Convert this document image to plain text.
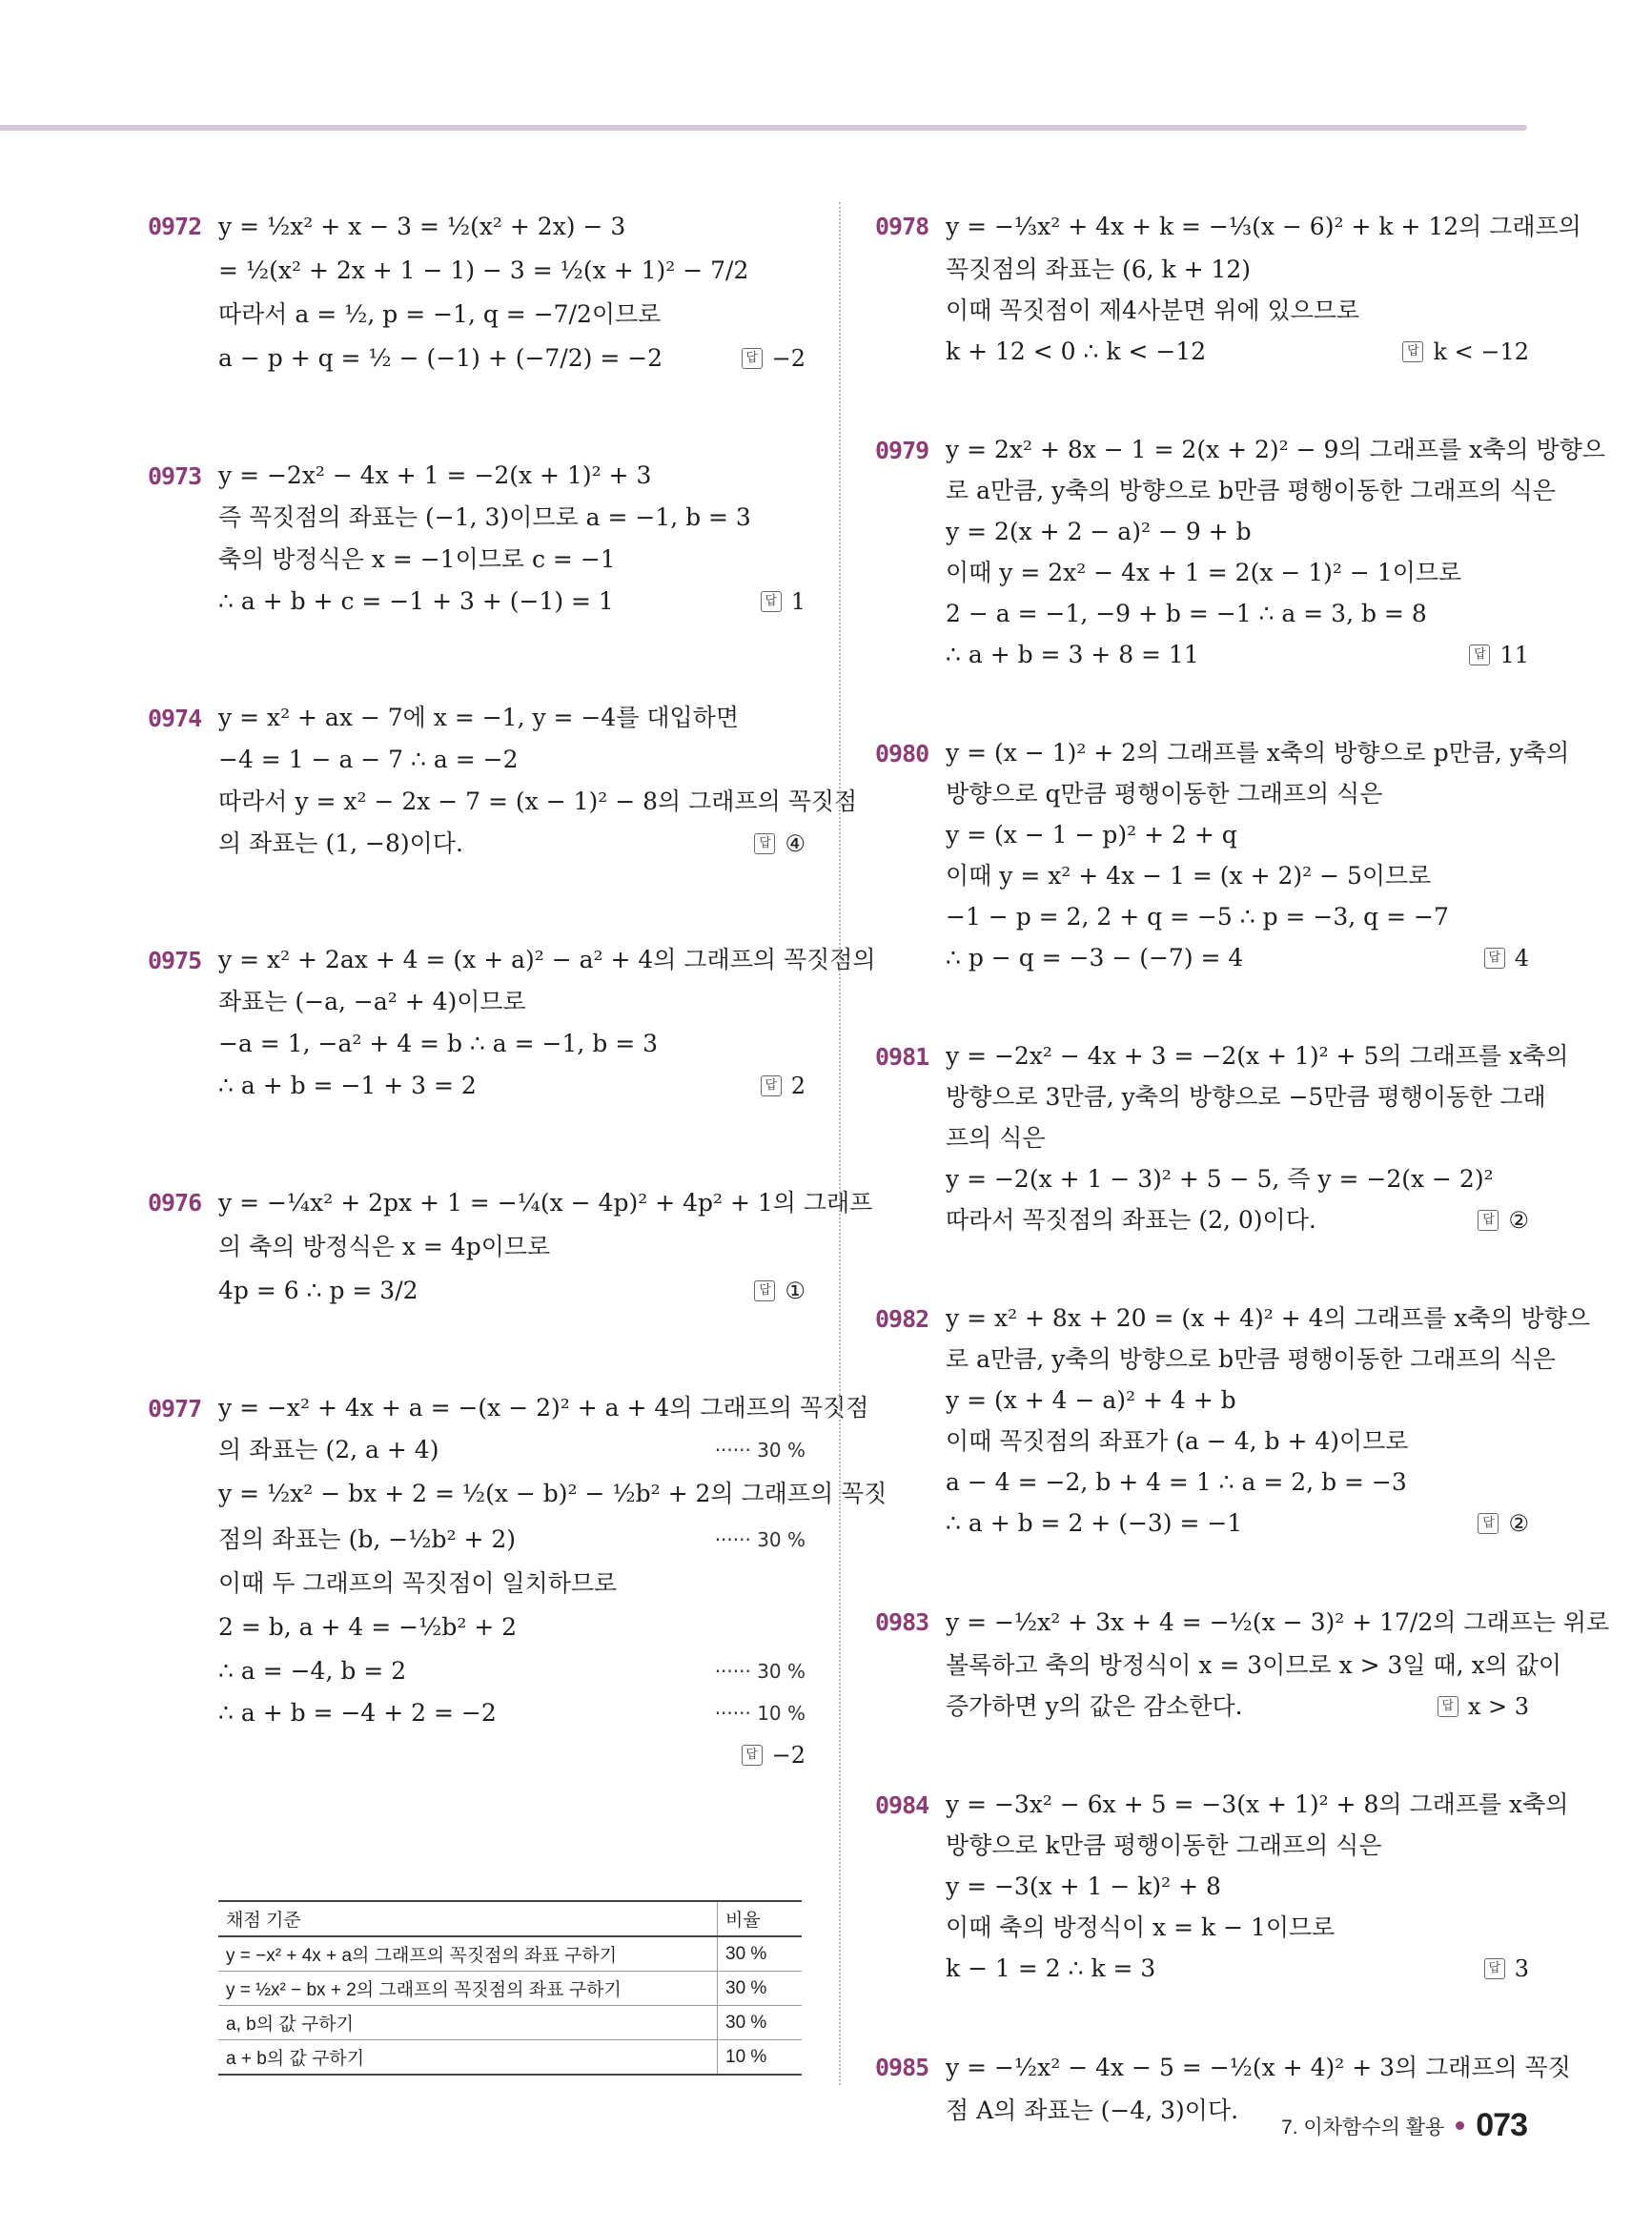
0972 y = ½x² + x − 3 = ½(x² + 2x) − 3
= ½(x² + 2x + 1 − 1) − 3 = ½(x + 1)² − 7/2
따라서 a = ½, p = −1, q = −7/2이므로
a − p + q = ½ − (−1) + (−7/2) = −2	답 −2
0973 y = −2x² − 4x + 1 = −2(x + 1)² + 3
즉 꼭짓점의 좌표는 (−1, 3)이므로 a = −1, b = 3
축의 방정식은 x = −1이므로 c = −1
∴ a + b + c = −1 + 3 + (−1) = 1	답 1
0974 y = x² + ax − 7에 x = −1, y = −4를 대입하면
−4 = 1 − a − 7 ∴ a = −2
따라서 y = x² − 2x − 7 = (x − 1)² − 8의 그래프의 꼭짓점
의 좌표는 (1, −8)이다.	답 ④
0975 y = x² + 2ax + 4 = (x + a)² − a² + 4의 그래프의 꼭짓점의
좌표는 (−a, −a² + 4)이므로
−a = 1, −a² + 4 = b ∴ a = −1, b = 3
∴ a + b = −1 + 3 = 2	답 2
0976 y = −¼x² + 2px + 1 = −¼(x − 4p)² + 4p² + 1의 그래프
의 축의 방정식은 x = 4p이므로
4p = 6 ∴ p = 3/2	답 ①
0977 y = −x² + 4x + a = −(x − 2)² + a + 4의 그래프의 꼭짓점
의 좌표는 (2, a + 4)	······ 30 %
y = ½x² − bx + 2 = ½(x − b)² − ½b² + 2의 그래프의 꼭짓
점의 좌표는 (b, −½b² + 2)	······ 30 %
이때 두 그래프의 꼭짓점이 일치하므로
2 = b, a + 4 = −½b² + 2
∴ a = −4, b = 2	······ 30 %
∴ a + b = −4 + 2 = −2	······ 10 %
답 −2
0978 y = −⅓x² + 4x + k = −⅓(x − 6)² + k + 12의 그래프의
꼭짓점의 좌표는 (6, k + 12)
이때 꼭짓점이 제4사분면 위에 있으므로
k + 12 < 0 ∴ k < −12	답 k < −12
0979 y = 2x² + 8x − 1 = 2(x + 2)² − 9의 그래프를 x축의 방향으
로 a만큼, y축의 방향으로 b만큼 평행이동한 그래프의 식은
y = 2(x + 2 − a)² − 9 + b
이때 y = 2x² − 4x + 1 = 2(x − 1)² − 1이므로
2 − a = −1, −9 + b = −1 ∴ a = 3, b = 8
∴ a + b = 3 + 8 = 11	답 11
0980 y = (x − 1)² + 2의 그래프를 x축의 방향으로 p만큼, y축의
방향으로 q만큼 평행이동한 그래프의 식은
y = (x − 1 − p)² + 2 + q
이때 y = x² + 4x − 1 = (x + 2)² − 5이므로
−1 − p = 2, 2 + q = −5 ∴ p = −3, q = −7
∴ p − q = −3 − (−7) = 4	답 4
0981 y = −2x² − 4x + 3 = −2(x + 1)² + 5의 그래프를 x축의
방향으로 3만큼, y축의 방향으로 −5만큼 평행이동한 그래
프의 식은
y = −2(x + 1 − 3)² + 5 − 5, 즉 y = −2(x − 2)²
따라서 꼭짓점의 좌표는 (2, 0)이다.	답 ②
0982 y = x² + 8x + 20 = (x + 4)² + 4의 그래프를 x축의 방향으
로 a만큼, y축의 방향으로 b만큼 평행이동한 그래프의 식은
y = (x + 4 − a)² + 4 + b
이때 꼭짓점의 좌표가 (a − 4, b + 4)이므로
a − 4 = −2, b + 4 = 1 ∴ a = 2, b = −3
∴ a + b = 2 + (−3) = −1	답 ②
0983 y = −½x² + 3x + 4 = −½(x − 3)² + 17/2의 그래프는 위로
볼록하고 축의 방정식이 x = 3이므로 x > 3일 때, x의 값이
증가하면 y의 값은 감소한다.	답 x > 3
0984 y = −3x² − 6x + 5 = −3(x + 1)² + 8의 그래프를 x축의
방향으로 k만큼 평행이동한 그래프의 식은
y = −3(x + 1 − k)² + 8
이때 축의 방정식이 x = k − 1이므로
k − 1 = 2 ∴ k = 3	답 3
0985 y = −½x² − 4x − 5 = −½(x + 4)² + 3의 그래프의 꼭짓
점 A의 좌표는 (−4, 3)이다.
채점 기준	비율
y = −x² + 4x + a의 그래프의 꼭짓점의 좌표 구하기	30 %
y = ½x² − bx + 2의 그래프의 꼭짓점의 좌표 구하기	30 %
a, b의 값 구하기	30 %
a + b의 값 구하기	10 %
7. 이차함수의 활용 073
